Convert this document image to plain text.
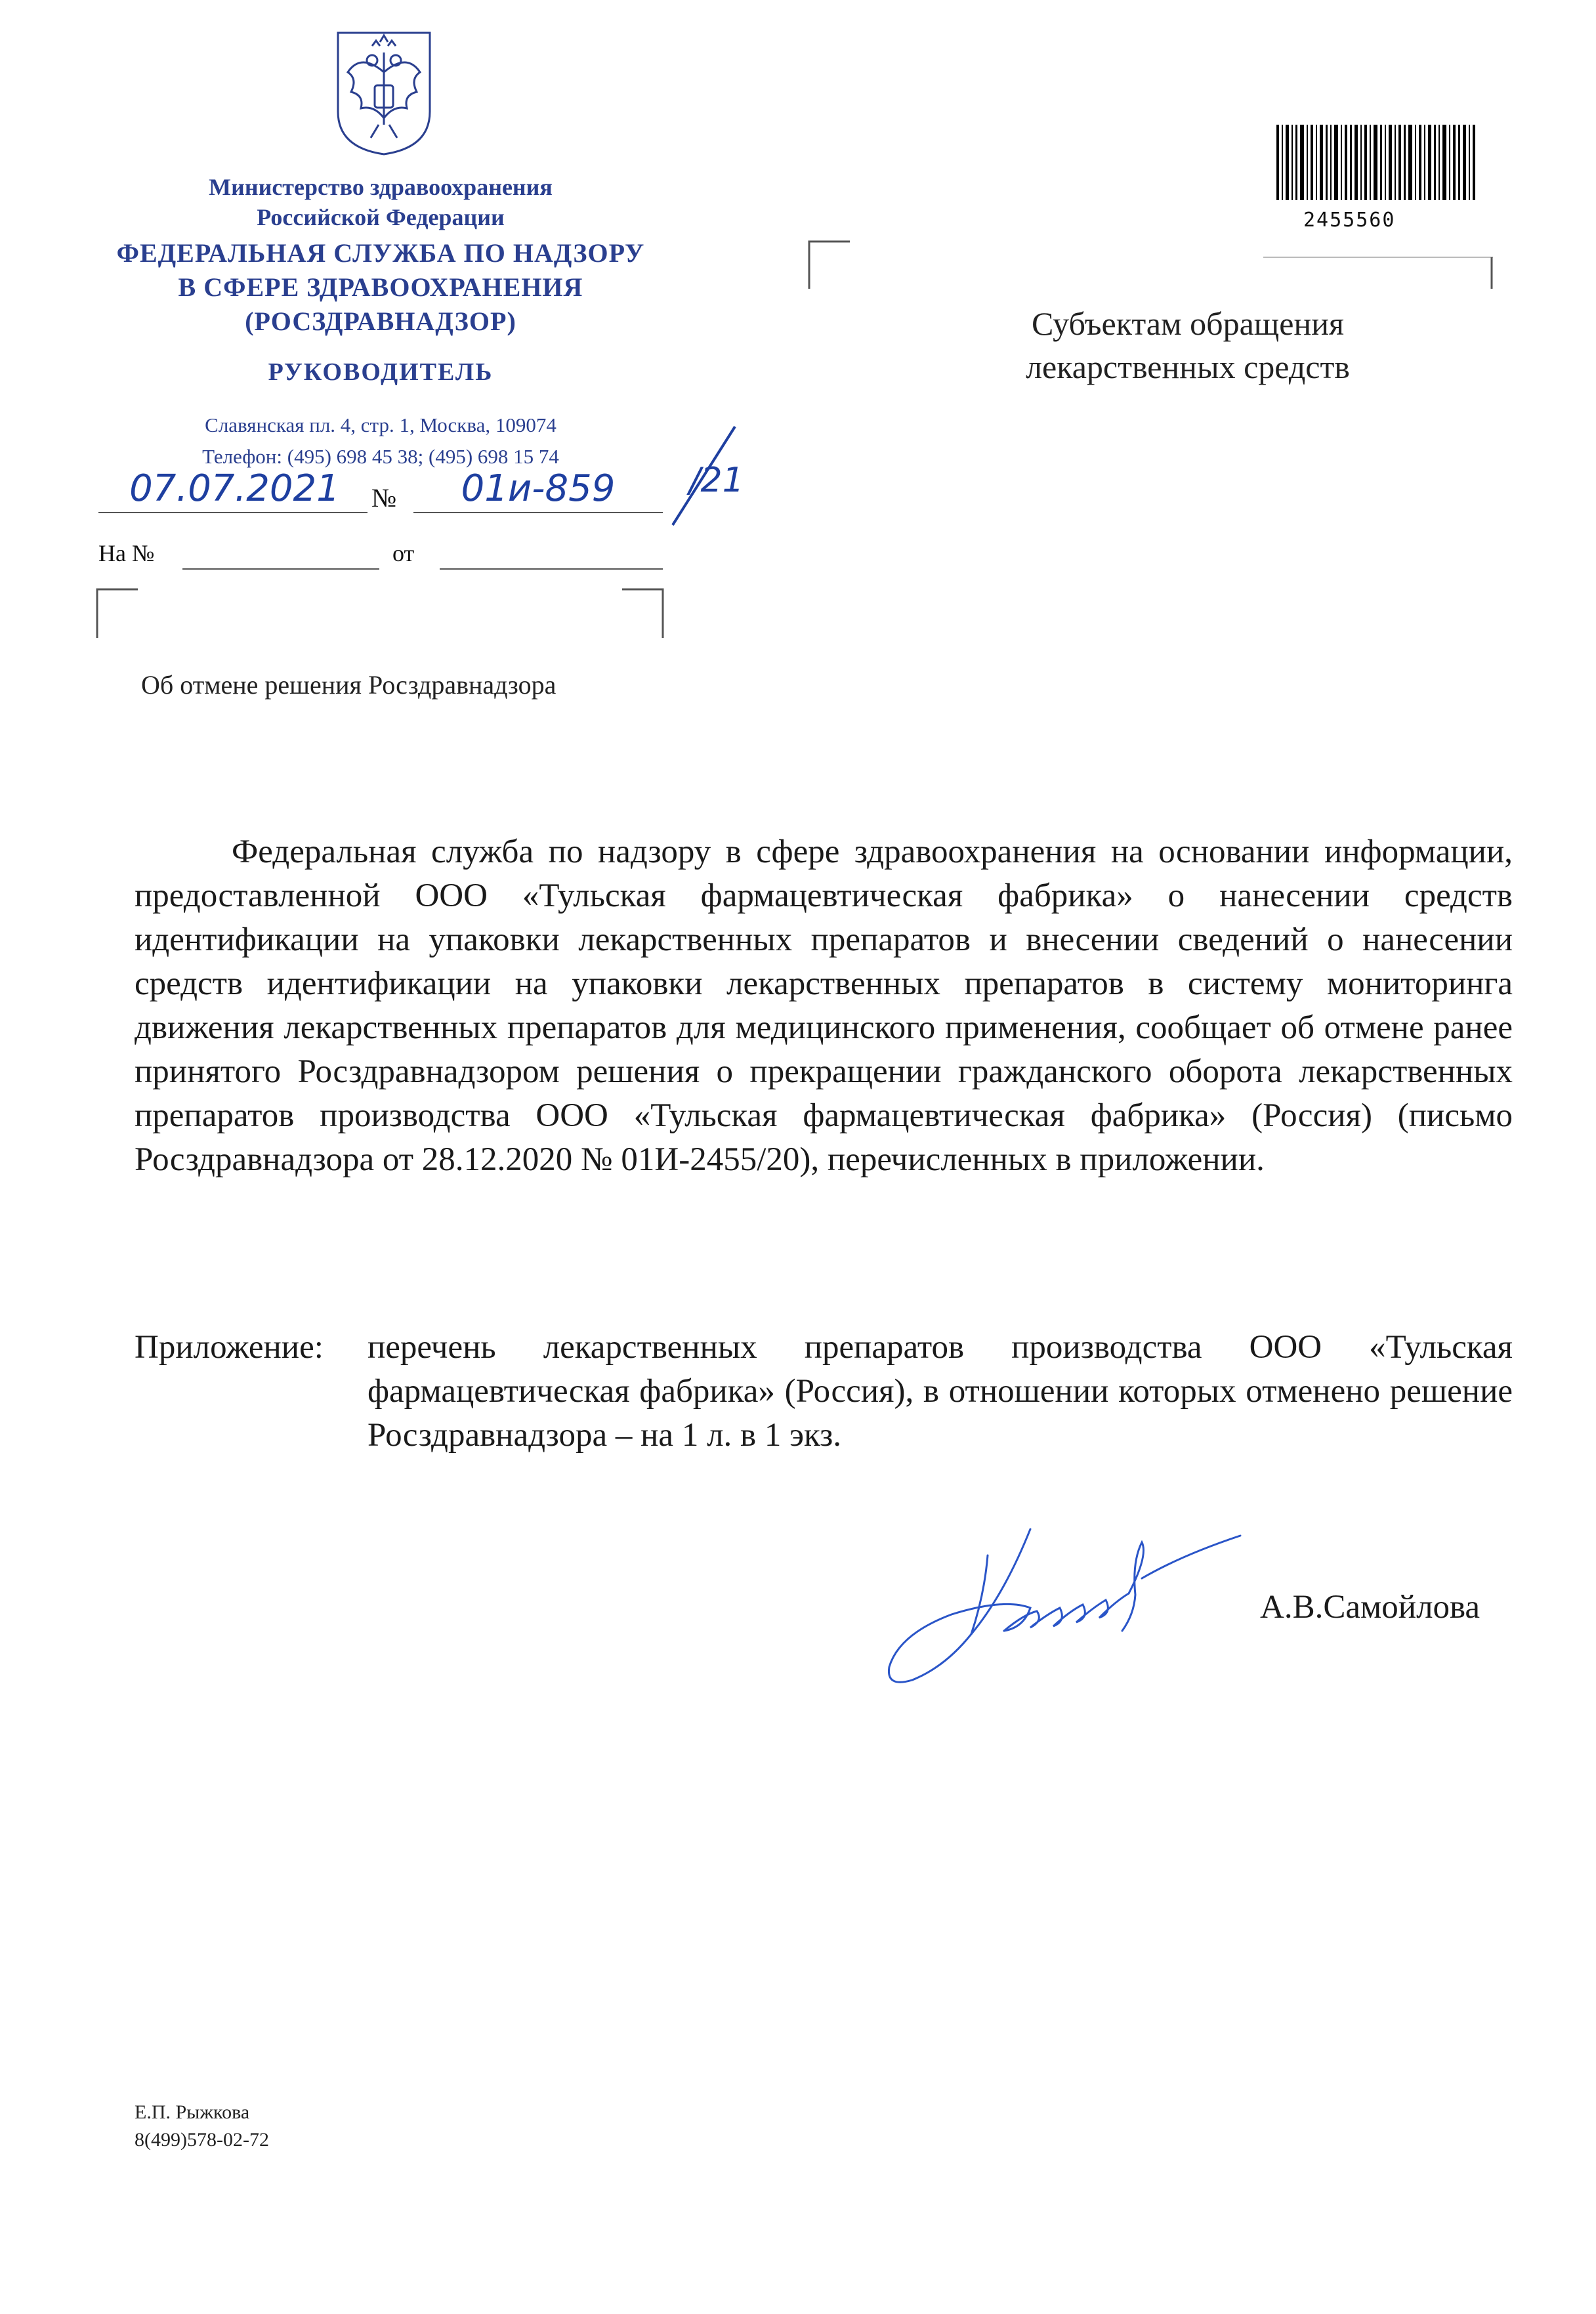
Министерство здравоохранения
Российской Федерации
ФЕДЕРАЛЬНАЯ СЛУЖБА ПО НАДЗОРУ
В СФЕРЕ ЗДРАВООХРАНЕНИЯ
(РОСЗДРАВНАДЗОР)
РУКОВОДИТЕЛЬ
Славянская пл. 4, стр. 1, Москва, 109074
Телефон: (495) 698 45 38; (495) 698 15 74
07.07.2021	№	01и-859	/21
На №	от
2455560
Субъектам обращения
лекарственных средств
Об отмене решения Росздравнадзора

Федеральная служба по надзору в сфере здравоохранения на основании информации, предоставленной ООО «Тульская фармацевтическая фабрика» о нанесении средств идентификации на упаковки лекарственных препаратов и внесении сведений о нанесении средств идентификации на упаковки лекарственных препаратов в систему мониторинга движения лекарственных препаратов для медицинского применения, сообщает об отмене ранее принятого Росздравнадзором решения о прекращении гражданского оборота лекарственных препаратов производства ООО «Тульская фармацевтическая фабрика» (Россия) (письмо Росздравнадзора от 28.12.2020 № 01И-2455/20), перечисленных в приложении.

Приложение: перечень лекарственных препаратов производства ООО «Тульская фармацевтическая фабрика» (Россия), в отношении которых отменено решение Росздравнадзора – на 1 л. в 1 экз.
А.В.Самойлова
Е.П. Рыжкова
8(499)578-02-72
